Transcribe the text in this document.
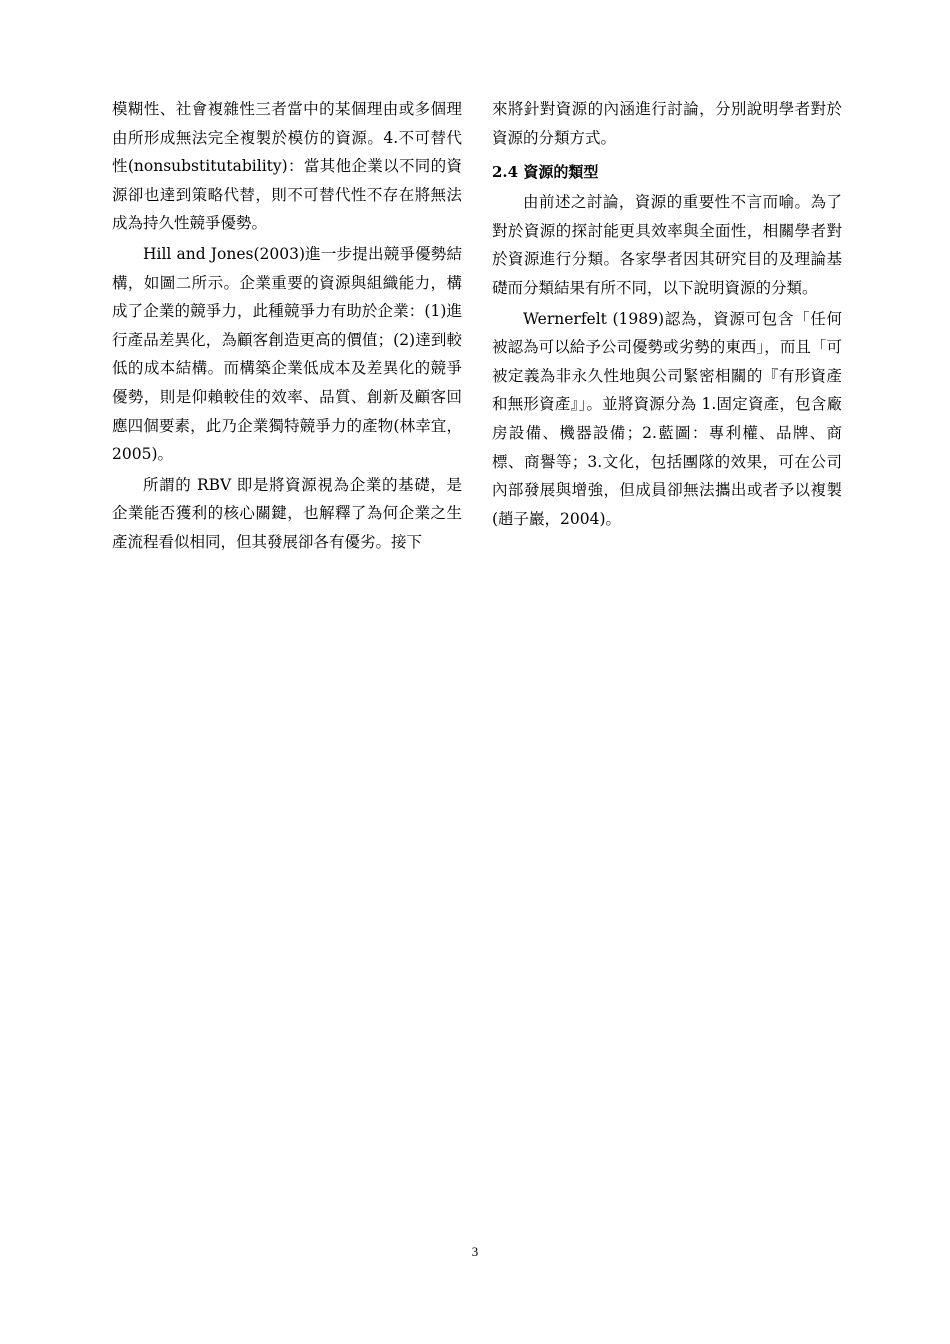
模糊性、社會複雜性三者當中的某個理由或多個理由所形成無法完全複製於模仿的資源。4.不可替代性(nonsubstitutability)：當其他企業以不同的資源卻也達到策略代替，則不可替代性不存在將無法成為持久性競爭優勢。

Hill and Jones(2003)進一步提出競爭優勢結構，如圖二所示。企業重要的資源與組織能力，構成了企業的競爭力，此種競爭力有助於企業：(1)進行產品差異化，為顧客創造更高的價值；(2)達到較低的成本結構。而構築企業低成本及差異化的競爭優勢，則是仰賴較佳的效率、品質、創新及顧客回應四個要素，此乃企業獨特競爭力的產物(林幸宜，2005)。

所謂的 RBV 即是將資源視為企業的基礎，是企業能否獲利的核心關鍵，也解釋了為何企業之生產流程看似相同，但其發展卻各有優劣。接下

來將針對資源的內涵進行討論，分別說明學者對於資源的分類方式。

2.4 資源的類型

由前述之討論，資源的重要性不言而喻。為了對於資源的探討能更具效率與全面性，相關學者對於資源進行分類。各家學者因其研究目的及理論基礎而分類結果有所不同，以下說明資源的分類。

Wernerfelt (1989)認為，資源可包含「任何被認為可以給予公司優勢或劣勢的東西」，而且「可被定義為非永久性地與公司緊密相關的『有形資產和無形資產』」。並將資源分為 1.固定資產，包含廠房設備、機器設備；2.藍圖：專利權、品牌、商標、商譽等；3.文化，包括團隊的效果，可在公司內部發展與增強，但成員卻無法攜出或者予以複製(趙子巖，2004)。

3
